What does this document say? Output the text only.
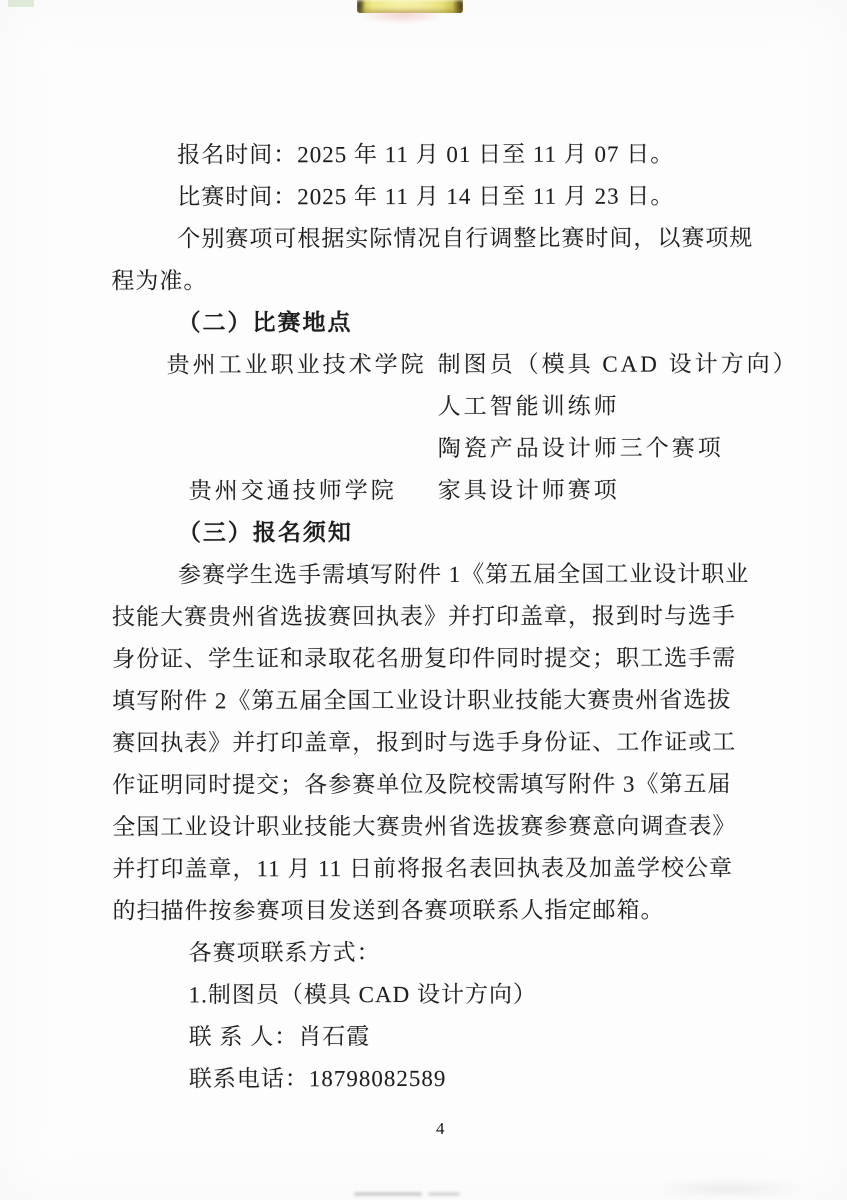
报名时间：2025 年 11 月 01 日至 11 月 07 日。
比赛时间：2025 年 11 月 14 日至 11 月 23 日。
个别赛项可根据实际情况自行调整比赛时间，以赛项规
程为准。
（二）比赛地点
贵州工业职业技术学院 制图员（模具 CAD 设计方向）
人工智能训练师
陶瓷产品设计师三个赛项
贵州交通技师学院 家具设计师赛项
（三）报名须知
参赛学生选手需填写附件 1《第五届全国工业设计职业
技能大赛贵州省选拔赛回执表》并打印盖章，报到时与选手
身份证、学生证和录取花名册复印件同时提交；职工选手需
填写附件 2《第五届全国工业设计职业技能大赛贵州省选拔
赛回执表》并打印盖章，报到时与选手身份证、工作证或工
作证明同时提交；各参赛单位及院校需填写附件 3《第五届
全国工业设计职业技能大赛贵州省选拔赛参赛意向调查表》
并打印盖章，11 月 11 日前将报名表回执表及加盖学校公章
的扫描件按参赛项目发送到各赛项联系人指定邮箱。
各赛项联系方式：
1.制图员（模具 CAD 设计方向）
联 系 人：肖石霞
联系电话：18798082589
4
